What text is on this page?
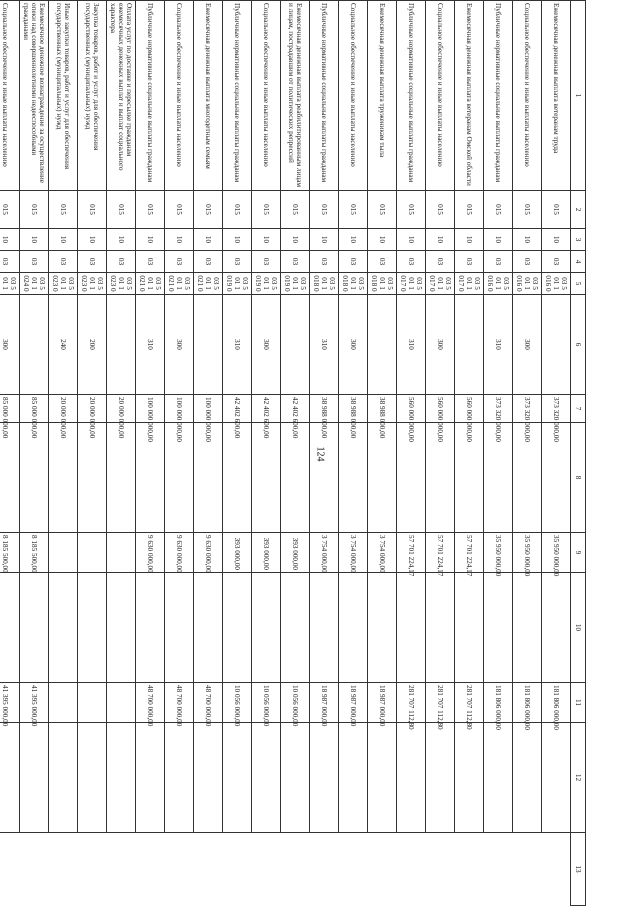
124
1	2	3	4	5	6	7	8	9	10	11	12	13
Ежемесячная денежная выплата ветеранам труда	015	10	03	03 5 01 1 016 0		373 320 000,00		35 950 000,00		181 806 000,00		
Социальное обеспечение и иные выплаты населению	015	10	03	03 5 01 1 016 0	300	373 320 000,00		35 950 000,00		181 806 000,00		
Публичные нормативные социальные выплаты гражданам	015	10	03	03 5 01 1 016 0	310	373 320 000,00		35 950 000,00		181 806 000,00		
Ежемесячная денежная выплата ветеранам Омской области	015	10	03	03 5 01 1 017 0		560 000 000,00		57 701 224,17		281 707 112,80		
Социальное обеспечение и иные выплаты населению	015	10	03	03 5 01 1 017 0	300	560 000 000,00		57 701 224,17		281 707 112,80		
Публичные нормативные социальные выплаты гражданам	015	10	03	03 5 01 1 017 0	310	560 000 000,00		57 701 224,17		281 707 112,80		
Ежемесячная денежная выплата труженикам тыла	015	10	03	03 5 01 1 018 0		38 988 000,00		3 754 000,00		18 987 000,00		
Социальное обеспечение и иные выплаты населению	015	10	03	03 5 01 1 018 0	300	38 988 000,00		3 754 000,00		18 987 000,00		
Публичные нормативные социальные выплаты гражданам	015	10	03	03 5 01 1 018 0	310	38 988 000,00		3 754 000,00		18 987 000,00		
Ежемесячная денежная выплата реабилитированным лицам и лицам, пострадавшим от политических репрессий	015	10	03	03 5 01 1 019 0		42 402 600,00		393 000,00		10 056 000,00		
Социальное обеспечение и иные выплаты населению	015	10	03	03 5 01 1 019 0	300	42 402 600,00		393 000,00		10 056 000,00		
Публичные нормативные социальные выплаты гражданам	015	10	03	03 5 01 1 019 0	310	42 402 600,00		393 000,00		10 056 000,00		
Ежемесячная денежная выплата многодетным семьям	015	10	03	03 5 01 1 021 0		100 000 000,00		9 630 000,00		48 700 000,00		
Социальное обеспечение и иные выплаты населению	015	10	03	03 5 01 1 021 0	300	100 000 000,00		9 630 000,00		48 700 000,00		
Публичные нормативные социальные выплаты гражданам	015	10	03	03 5 01 1 021 0	310	100 000 000,00		9 630 000,00		48 700 000,00		
Оплата услуг по доставке и пересылке гражданам ежемесячных денежных выплат и выплат социального характера	015	10	03	03 5 01 1 023 0		20 000 000,00						
Закупка товаров, работ и услуг для обеспечения государственных (муниципальных) нужд	015	10	03	03 5 01 1 023 0	200	20 000 000,00						
Иные закупки товаров, работ и услуг для обеспечения государственных (муниципальных) нужд	015	10	03	03 5 01 1 023 0	240	20 000 000,00						
Ежемесячное денежное вознаграждение за осуществление опеки над совершеннолетними недееспособными гражданами	015	10	03	03 5 01 1 024 0		85 000 000,00		8 185 500,00		41 395 000,00		
Социальное обеспечение и иные выплаты населению	015	10	03	03 5 01 1	300	85 000 000,00		8 185 500,00		41 395 000,00		
